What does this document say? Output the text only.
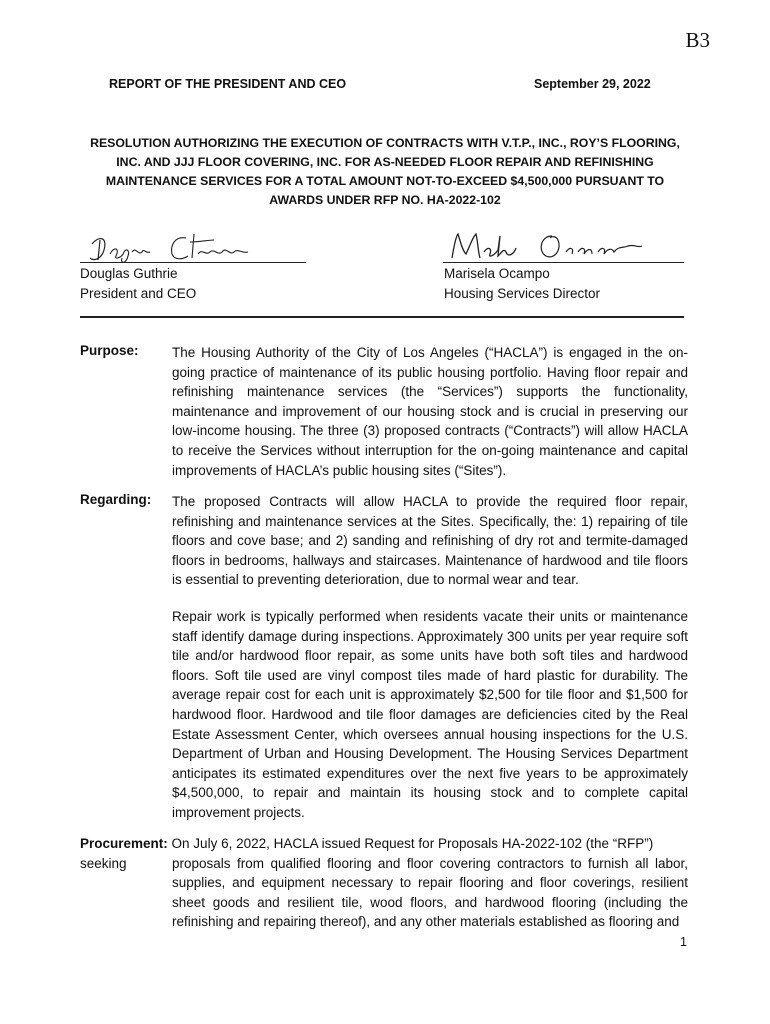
B3
REPORT OF THE PRESIDENT AND CEO	September 29, 2022
RESOLUTION AUTHORIZING THE EXECUTION OF CONTRACTS WITH V.T.P., INC., ROY’S FLOORING, INC. AND JJJ FLOOR COVERING, INC. FOR AS-NEEDED FLOOR REPAIR AND REFINISHING MAINTENANCE SERVICES FOR A TOTAL AMOUNT NOT-TO-EXCEED $4,500,000 PURSUANT TO AWARDS UNDER RFP NO. HA-2022-102
Douglas Guthrie
President and CEO
Marisela Ocampo
Housing Services Director
Purpose: The Housing Authority of the City of Los Angeles (“HACLA”) is engaged in the on-going practice of maintenance of its public housing portfolio. Having floor repair and refinishing maintenance services (the “Services”) supports the functionality, maintenance and improvement of our housing stock and is crucial in preserving our low-income housing. The three (3) proposed contracts (“Contracts”) will allow HACLA to receive the Services without interruption for the on-going maintenance and capital improvements of HACLA’s public housing sites (“Sites”).
Regarding: The proposed Contracts will allow HACLA to provide the required floor repair, refinishing and maintenance services at the Sites. Specifically, the: 1) repairing of tile floors and cove base; and 2) sanding and refinishing of dry rot and termite-damaged floors in bedrooms, hallways and staircases. Maintenance of hardwood and tile floors is essential to preventing deterioration, due to normal wear and tear.
Repair work is typically performed when residents vacate their units or maintenance staff identify damage during inspections. Approximately 300 units per year require soft tile and/or hardwood floor repair, as some units have both soft tiles and hardwood floors. Soft tile used are vinyl compost tiles made of hard plastic for durability. The average repair cost for each unit is approximately $2,500 for tile floor and $1,500 for hardwood floor. Hardwood and tile floor damages are deficiencies cited by the Real Estate Assessment Center, which oversees annual housing inspections for the U.S. Department of Urban and Housing Development. The Housing Services Department anticipates its estimated expenditures over the next five years to be approximately $4,500,000, to repair and maintain its housing stock and to complete capital improvement projects.
Procurement: On July 6, 2022, HACLA issued Request for Proposals HA-2022-102 (the “RFP”) seeking	proposals from qualified flooring and floor covering contractors to furnish all labor, supplies, and equipment necessary to repair flooring and floor coverings, resilient sheet goods and resilient tile, wood floors, and hardwood flooring (including the refinishing and repairing thereof), and any other materials established as flooring and
1
